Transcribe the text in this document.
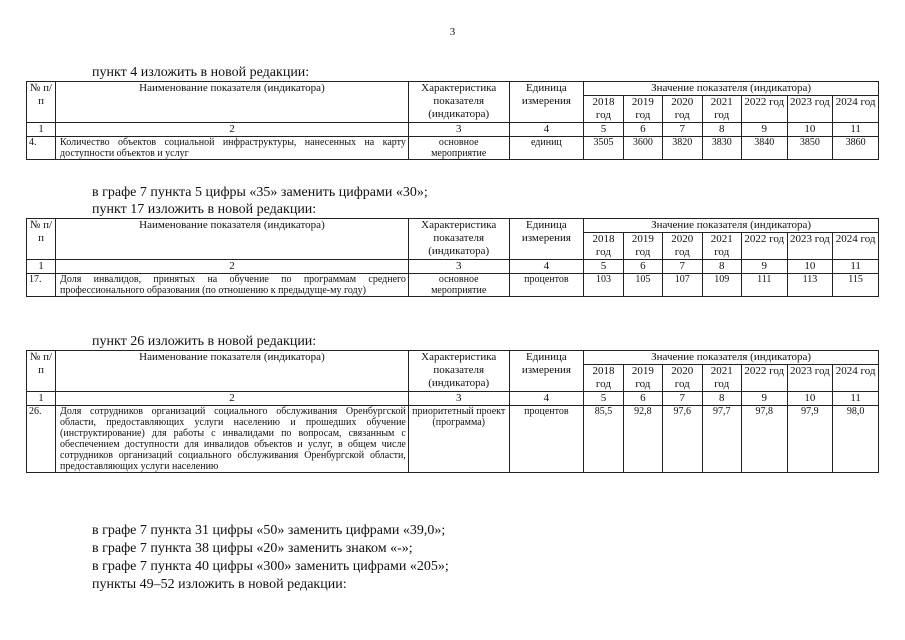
3
пункт 4 изложить в новой редакции:
№ п/п	Наименование показателя (индикатора)	Характеристика показателя (индикатора)	Единица измерения	Значение показателя (индикатора)						
				2018 год	2019 год	2020 год	2021 год	2022 год	2023 год	2024 год
1	2	3	4	5	6	7	8	9	10	11
4.	Количество объектов социальной инфраструктуры, нанесенных на карту доступности объектов и услуг	основное мероприятие	единиц	3505	3600	3820	3830	3840	3850	3860
в графе 7 пункта 5 цифры «35» заменить цифрами «30»;
пункт 17 изложить в новой редакции:
№ п/п	Наименование показателя (индикатора)	Характеристика показателя (индикатора)	Единица измерения	Значение показателя (индикатора)						
				2018 год	2019 год	2020 год	2021 год	2022 год	2023 год	2024 год
1	2	3	4	5	6	7	8	9	10	11
17.	Доля инвалидов, принятых на обучение по программам среднего профессионального образования (по отношению к предыдуще-му году)	основное мероприятие	процентов	103	105	107	109	111	113	115
пункт 26 изложить в новой редакции:
№ п/п	Наименование показателя (индикатора)	Характеристика показателя (индикатора)	Единица измерения	Значение показателя (индикатора)						
				2018 год	2019 год	2020 год	2021 год	2022 год	2023 год	2024 год
1	2	3	4	5	6	7	8	9	10	11
26.	Доля сотрудников организаций социального обслуживания Оренбургской области, предоставляющих услуги населению и прошедших обучение (инструктирование) для работы с инвалидами по вопросам, связанным с обеспечением доступности для инвалидов объектов и услуг, в общем числе сотрудников организаций социального обслуживания Оренбургской области, предоставляющих услуги населению	приоритетный проект (программа)	процентов	85,5	92,8	97,6	97,7	97,8	97,9	98,0
в графе 7 пункта 31 цифры «50» заменить цифрами «39,0»;
в графе 7 пункта 38 цифры «20» заменить знаком «-»;
в графе 7 пункта 40 цифры «300» заменить цифрами «205»;
пункты 49–52 изложить в новой редакции:
